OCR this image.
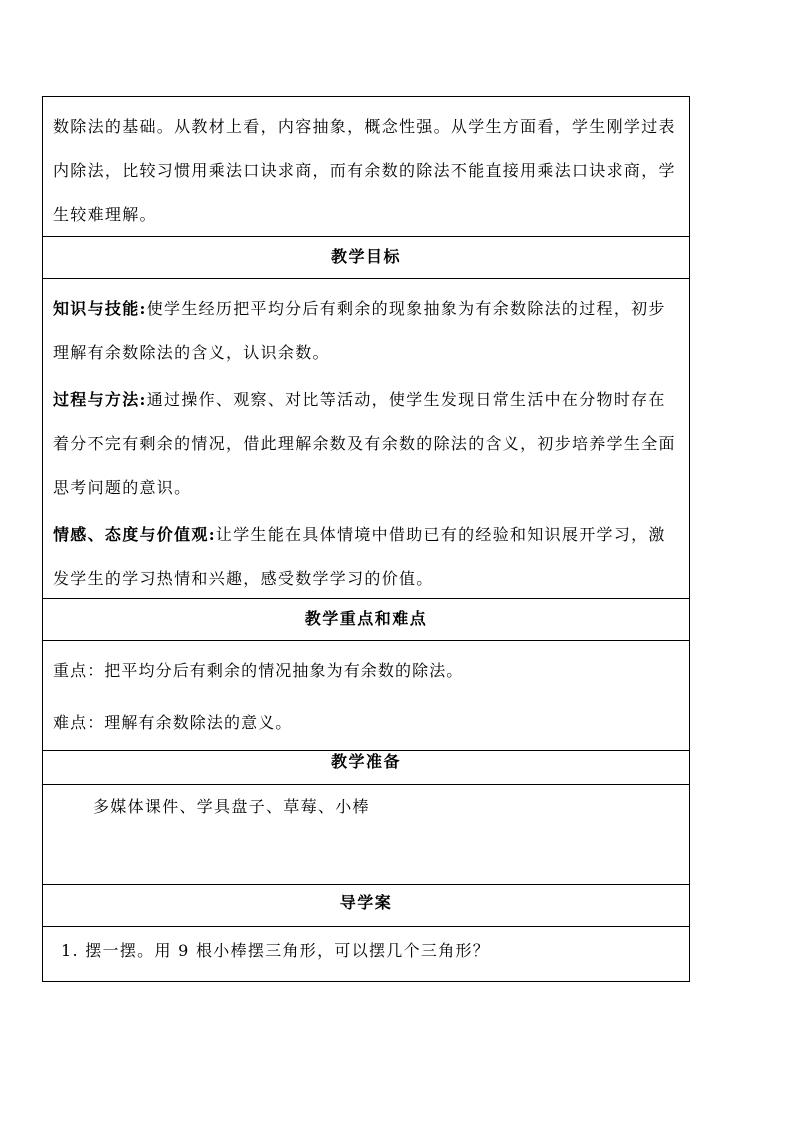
数除法的基础。从教材上看，内容抽象，概念性强。从学生方面看，学生刚学过表内除法，比较习惯用乘法口诀求商，而有余数的除法不能直接用乘法口诀求商，学生较难理解。
教学目标

知识与技能:使学生经历把平均分后有剩余的现象抽象为有余数除法的过程，初步理解有余数除法的含义，认识余数。

过程与方法:通过操作、观察、对比等活动，使学生发现日常生活中在分物时存在着分不完有剩余的情况，借此理解余数及有余数的除法的含义，初步培养学生全面思考问题的意识。

情感、态度与价值观:让学生能在具体情境中借助已有的经验和知识展开学习，激发学生的学习热情和兴趣，感受数学学习的价值。

教学重点和难点

重点：把平均分后有剩余的情况抽象为有余数的除法。

难点：理解有余数除法的意义。

教学准备
多媒体课件、学具盘子、草莓、小棒
导学案
1. 摆一摆。用 9 根小棒摆三角形，可以摆几个三角形？
